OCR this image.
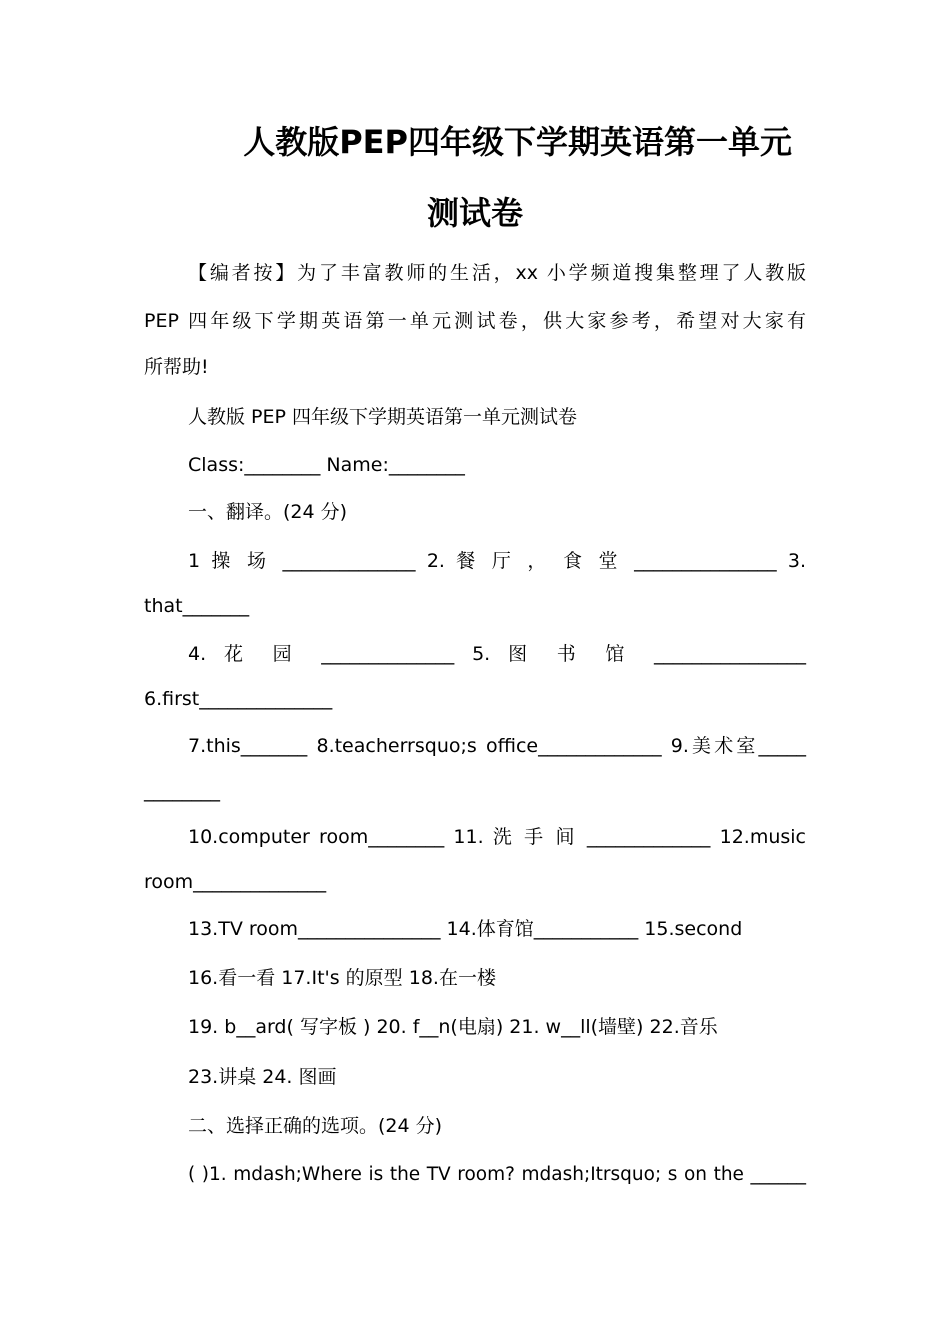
人教版PEP四年级下学期英语第一单元
测试卷
【编者按】为了丰富教师的生活，xx 小学频道搜集整理了人教版
PEP 四年级下学期英语第一单元测试卷，供大家参考，希望对大家有
所帮助!
人教版 PEP 四年级下学期英语第一单元测试卷
Class:________ Name:________
一、翻译。(24 分)
1 操 场 ______________ 2. 餐 厅 ， 食 堂 _______________ 3.
that_______
4. 花 园 ______________ 5. 图 书 馆 ________________
6.first______________
7.this_______ 8.teacherrsquo;s office_____________ 9.美术室_____
________
10.computer room________ 11. 洗 手 间 _____________ 12.music
room______________
13.TV room_______________ 14.体育馆___________ 15.second
16.看一看 17.It's 的原型 18.在一楼
19. b__ard( 写字板 ) 20. f__n(电扇) 21. w__ll(墙壁) 22.音乐
23.讲桌 24. 图画
二、选择正确的选项。(24 分)
( )1. mdash;Where is the TV room? mdash;Itrsquo; s on the ______
